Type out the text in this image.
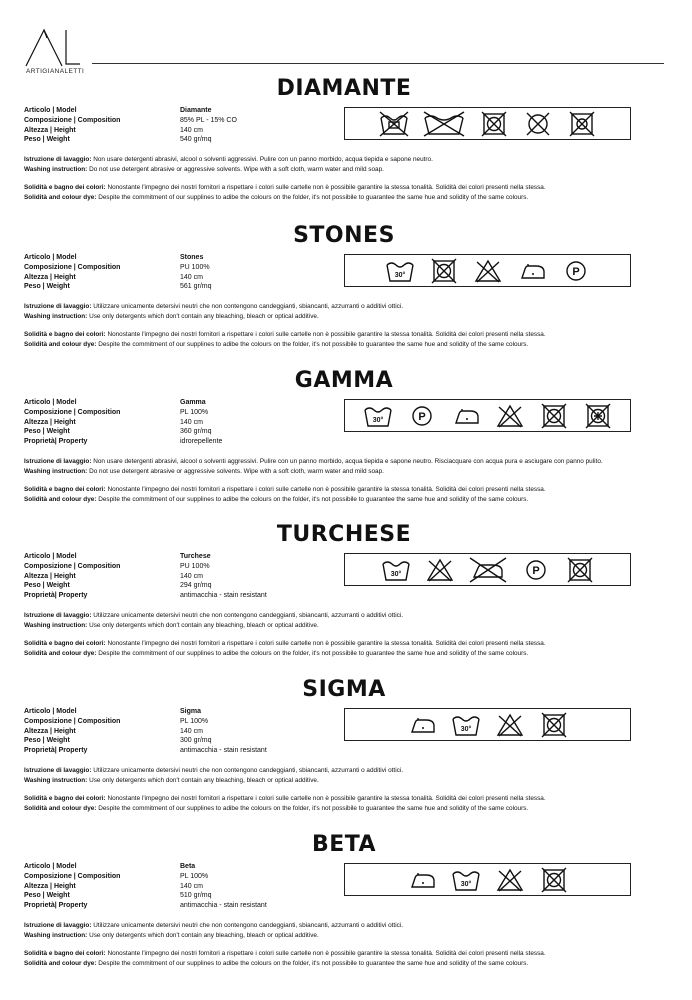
ARTIGIANALETTI
DIAMANTE
Articolo | Model	Diamante
Composizione | Composition	85% PL - 15% CO
Altezza | Height	140 cm
Peso | Weight	540 gr/mq
Istruzione di lavaggio: Non usare detergenti abrasivi, alcool o solventi aggressivi. Pulire con un panno morbido, acqua tiepida e sapone neutro.
Washing instruction: Do not use detergent abrasive or aggressive solvents. Wipe with a soft cloth, warm water and mild soap.
Solidità e bagno dei colori: Nonostante l'impegno dei nostri fornitori a rispettare i colori sulle cartelle non è possibile garantire la stessa tonalità. Solidità dei colori presenti nella stessa.
Solidità and colour dye: Despite the commitment of our supplines to adibe the colours on the folder, it's not possibile to guarantee the same hue and solidity of the same colours.
STONES
Articolo | Model	Stones
Composizione | Composition	PU 100%
Altezza | Height	140 cm
Peso | Weight	561 gr/mq
30°	P
Istruzione di lavaggio: Utilizzare unicamente detersivi neutri che non contengono candeggianti, sbiancanti, azzurranti o additivi ottici.
Washing instruction: Use only detergents which don't contain any bleaching, bleach or optical additive.
Solidità e bagno dei colori: Nonostante l'impegno dei nostri fornitori a rispettare i colori sulle cartelle non è possibile garantire la stessa tonalità. Solidità dei colori presenti nella stessa.
Solidità and colour dye: Despite the commitment of our supplines to adibe the colours on the folder, it's not possibile to guarantee the same hue and solidity of the same colours.
GAMMA
Articolo | Model	Gamma
Composizione | Composition	PL 100%
Altezza | Height	140 cm
Peso | Weight	360 gr/mq
Proprietà| Property	idrorepellente
30°	P
Istruzione di lavaggio: Non usare detergenti abrasivi, alcool o solventi aggressivi. Pulire con un panno morbido, acqua tiepida e sapone neutro. Risciacquare con acqua pura e asciugare con panno pulito.
Washing instruction: Do not use detergent abrasive or aggressive solvents. Wipe with a soft cloth, warm water and mild soap.
Solidità e bagno dei colori: Nonostante l'impegno dei nostri fornitori a rispettare i colori sulle cartelle non è possibile garantire la stessa tonalità. Solidità dei colori presenti nella stessa.
Solidità and colour dye: Despite the commitment of our supplines to adibe the colours on the folder, it's not possibile to guarantee the same hue and solidity of the same colours.
TURCHESE
Articolo | Model	Turchese
Composizione | Composition	PU 100%
Altezza | Height	140 cm
Peso | Weight	294 gr/mq
Proprietà| Property	antimacchia - stain resistant
30°	P
Istruzione di lavaggio: Utilizzare unicamente detersivi neutri che non contengono candeggianti, sbiancanti, azzurranti o additivi ottici.
Washing instruction: Use only detergents which don't contain any bleaching, bleach or optical additive.
Solidità e bagno dei colori: Nonostante l'impegno dei nostri fornitori a rispettare i colori sulle cartelle non è possibile garantire la stessa tonalità. Solidità dei colori presenti nella stessa.
Solidità and colour dye: Despite the commitment of our supplines to adibe the colours on the folder, it's not possibile to guarantee the same hue and solidity of the same colours.
SIGMA
Articolo | Model	Sigma
Composizione | Composition	PL 100%
Altezza | Height	140 cm
Peso | Weight	300 gr/mq
Proprietà| Property	antimacchia - stain resistant
30°
Istruzione di lavaggio: Utilizzare unicamente detersivi neutri che non contengono candeggianti, sbiancanti, azzurranti o additivi ottici.
Washing instruction: Use only detergents which don't contain any bleaching, bleach or optical additive.
Solidità e bagno dei colori: Nonostante l'impegno dei nostri fornitori a rispettare i colori sulle cartelle non è possibile garantire la stessa tonalità. Solidità dei colori presenti nella stessa.
Solidità and colour dye: Despite the commitment of our supplines to adibe the colours on the folder, it's not possibile to guarantee the same hue and solidity of the same colours.
BETA
Articolo | Model	Beta
Composizione | Composition	PL 100%
Altezza | Height	140 cm
Peso | Weight	510 gr/mq
Proprietà| Property	antimacchia - stain resistant
30°
Istruzione di lavaggio: Utilizzare unicamente detersivi neutri che non contengono candeggianti, sbiancanti, azzurranti o additivi ottici.
Washing instruction: Use only detergents which don't contain any bleaching, bleach or optical additive.
Solidità e bagno dei colori: Nonostante l'impegno dei nostri fornitori a rispettare i colori sulle cartelle non è possibile garantire la stessa tonalità. Solidità dei colori presenti nella stessa.
Solidità and colour dye: Despite the commitment of our supplines to adibe the colours on the folder, it's not possibile to guarantee the same hue and solidity of the same colours.
